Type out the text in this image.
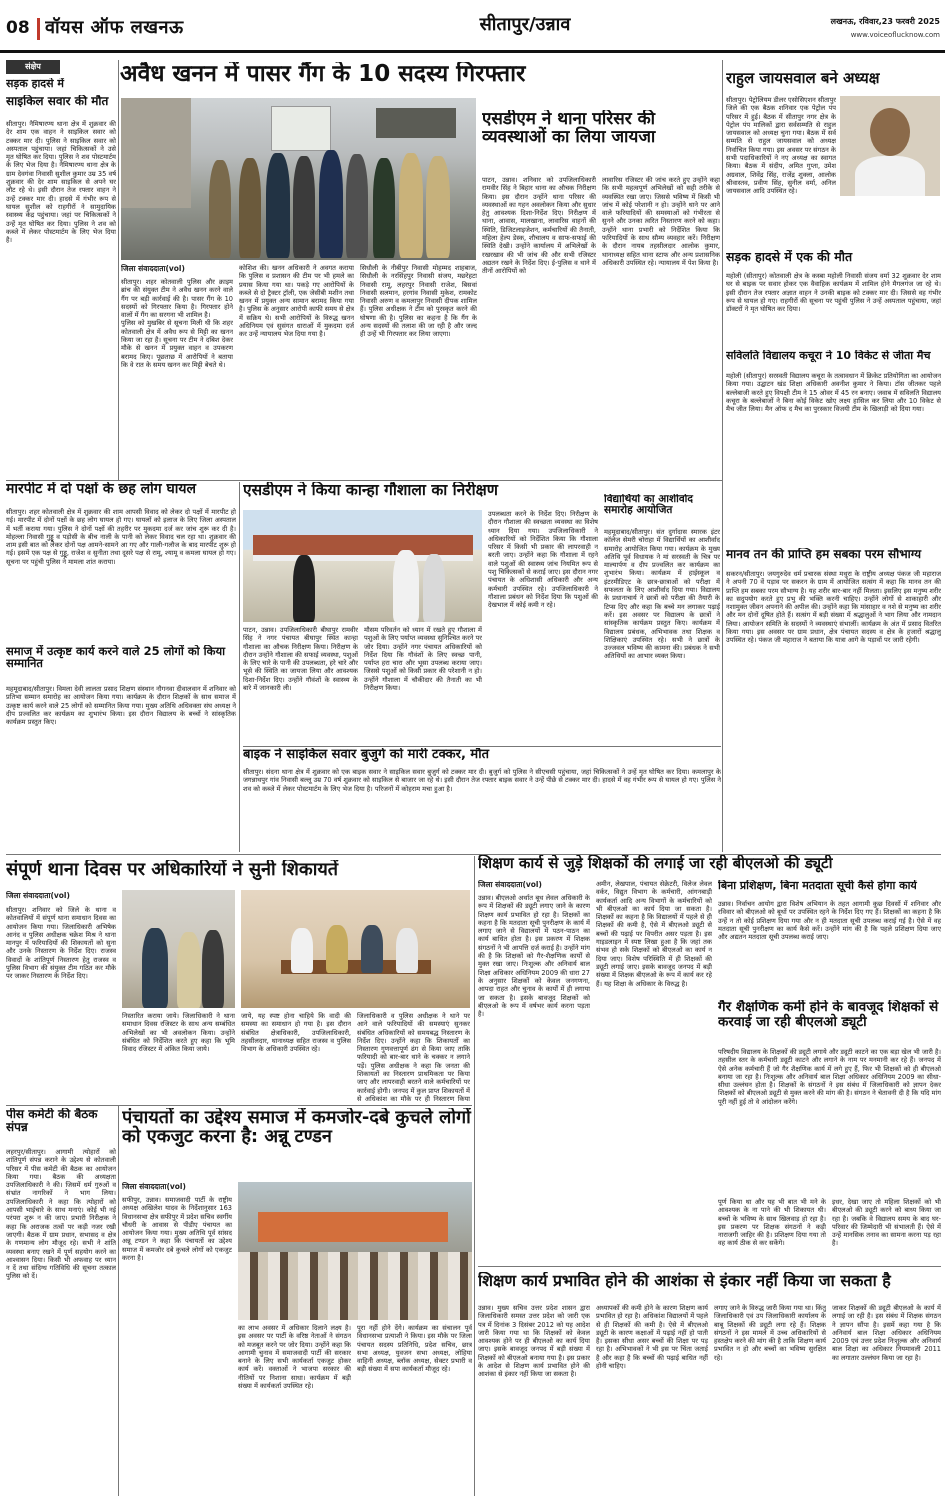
08 वॉयस ऑफ लखनऊ	सीतापुर/उन्नाव	लखनऊ, रविवार,23 फरवरी 2025
www.voiceoflucknow.com
संक्षेप
सड़क हादसे में
साइकिल सवार की मौत
सीतापुर। नैमिषारण्य थाना क्षेत्र में शुक्रवार की देर शाम एक वाहन ने साइकिल सवार को टक्कर मार दी। पुलिस ने साइकिल सवार को अस्पताल पहुंचाया। जहां चिकित्सकों ने उसे मृत घोषित कर दिया। पुलिस ने शव पोस्टमार्टम के लिए भेज दिया है। नैमिषारण्य थाना क्षेत्र के ग्राम देवगंवा निवासी सुशील कुमार उम्र 35 वर्ष शुक्रवार की देर शाम साइकिल से अपने घर लौट रहे थे। इसी दौरान तेज रफ्तार वाहन ने उन्हें टक्कर मार दी। हादसे में गंभीर रूप से घायल सुशील को राहगीरों ने सामुदायिक स्वास्थ्य केंद्र पहुंचाया। जहां पर चिकित्सकों ने उन्हें मृत घोषित कर दिया। पुलिस ने शव को कब्जे में लेकर पोस्टमार्टम के लिए भेज दिया है।
मारपीट में दो पक्षों के छह लोग घायल
सीतापुर। शहर कोतवाली क्षेत्र में शुक्रवार की शाम आपसी विवाद को लेकर दो पक्षों में मारपीट हो गई। मारपीट में दोनों पक्षों के छह लोग घायल हो गए। घायलों को इलाज के लिए जिला अस्पताल में भर्ती कराया गया। पुलिस ने दोनों पक्षों की तहरीर पर मुकदमा दर्ज कर जांच शुरू कर दी है। मोहल्ला निवासी गुड्डू व पड़ोसी के बीच नाली के पानी को लेकर विवाद चल रहा था। शुक्रवार की शाम इसी बात को लेकर दोनों पक्ष आमने-सामने आ गए और गाली-गलौज के बाद मारपीट शुरू हो गई। इसमें एक पक्ष से गुड्डू, राजेश व सुनीता तथा दूसरे पक्ष से रामू, श्यामू व कमला घायल हो गए। सूचना पर पहुंची पुलिस ने मामला शांत कराया।
समाज में उत्कृष्ट कार्य करने वाले 25 लोगों को किया सम्मानित
महमूदाबाद/सीतापुर। विमला देवी लालता प्रसाद शिक्षण संस्थान नौगनवा दीवालवान में शनिवार को प्रतिभा सम्मान समारोह का आयोजन किया गया। कार्यक्रम के दौरान शिक्षकों के साथ समाज में उत्कृष्ट कार्य करने वाले 25 लोगों को सम्मानित किया गया। मुख्य अतिथि अधिवक्ता संघ अध्यक्ष ने दीप प्रज्वलित कर कार्यक्रम का शुभारंभ किया। इस दौरान विद्यालय के बच्चों ने सांस्कृतिक कार्यक्रम प्रस्तुत किए।
अवैध खनन में पासर गैंग के 10 सदस्य गिरफ्तार
जिला संवाददाता(vol)
सीतापुर। शहर कोतवाली पुलिस और क्राइम ब्रांच की संयुक्त टीम ने अवैध खनन करने वाले गैंग पर बड़ी कार्रवाई की है। पासर गैंग के 10 सदस्यों को गिरफ्तार किया है। गिरफ्तार होने वालों में गैंग का सरगना भी शामिल है।
पुलिस को मुखबिर से सूचना मिली थी कि शहर कोतवाली क्षेत्र में अवैध रूप से मिट्टी का खनन किया जा रहा है। सूचना पर टीम ने दबिश देकर मौके से खनन में प्रयुक्त वाहन व उपकरण बरामद किए। पूछताछ में आरोपियों ने बताया कि वे रात के समय खनन कर मिट्टी बेचते थे।
कोशिश की। खनन अधिकारी ने अवगत कराया कि पुलिस व प्रशासन की टीम पर भी हमले का प्रयास किया गया था। पकड़े गए आरोपियों के कब्जे से दो ट्रैक्टर ट्रॉली, एक जेसीबी मशीन तथा खनन में प्रयुक्त अन्य सामान बरामद किया गया है। पुलिस के अनुसार आरोपी काफी समय से क्षेत्र में सक्रिय थे। सभी आरोपियों के विरुद्ध खनन अधिनियम एवं सुसंगत धाराओं में मुकदमा दर्ज कर उन्हें न्यायालय भेज दिया गया है।
सिधौली के नीबीपुर निवासी मोहम्मद शाहबाज, सिधौली के नरसिंहपुर निवासी संजय, मछरेहटा निवासी रामू, लहरपुर निवासी राजेश, बिसवां निवासी सलमान, हरगांव निवासी मुकेश, रामकोट निवासी अरुण व कमलापुर निवासी दीपक शामिल हैं। पुलिस अधीक्षक ने टीम को पुरस्कृत करने की घोषणा की है। पुलिस का कहना है कि गैंग के अन्य सदस्यों की तलाश की जा रही है और जल्द ही उन्हें भी गिरफ्तार कर लिया जाएगा।
एसडीएम ने थाना परिसर की व्यवस्थाओं का लिया जायजा
पाटन, उन्नाव। शनिवार को उपजिलाधिकारी रामवीर सिंह ने बिहार थाना का औचक निरीक्षण किया। इस दौरान उन्होंने थाना परिसर की व्यवस्थाओं का गहन अवलोकन किया और सुधार हेतु आवश्यक दिशा-निर्देश दिए। निरीक्षण में थाना, आवास, मालखाना, लावारिस वाहनों की स्थिति, डिजिटलाइजेशन, कर्मचारियों की तैनाती, महिला हेल्प डेस्क, शौचालय व साफ-सफाई की स्थिति देखी। उन्होंने कार्यालय में अभिलेखों के रखरखाव की भी जांच की और सभी रजिस्टर अद्यतन रखने के निर्देश दिए। ई-पुलिस व थाने में तीनों आरोपियों को
लावारिस रजिस्टर की जांच करते हुए उन्होंने कहा कि सभी महत्वपूर्ण अभिलेखों को सही तरीके से व्यवस्थित रखा जाए। जिससे भविष्य में किसी भी जांच में कोई परेशानी न हो। उन्होंने थाने पर आने वाले फरियादियों की समस्याओं को गंभीरता से सुनने और उनका त्वरित निस्तारण करने को कहा। उन्होंने थाना प्रभारी को निर्देशित किया कि फरियादियों के साथ सौम्य व्यवहार करें। निरीक्षण के दौरान नायब तहसीलदार आलोक कुमार, थानाध्यक्ष सहित थाना स्टाफ और अन्य प्रशासनिक अधिकारी उपस्थित रहे। न्यायालय में पेश किया है।
राहुल जायसवाल बने अध्यक्ष
सीतापुर। पेट्रोलियम डीलर एसोसिएशन सीतापुर जिले की एक बैठक शनिवार एक पेट्रोल पंप परिसर में हुई। बैठक में सीतापुर नगर क्षेत्र के पेट्रोल पंप मालिकों द्वारा सर्वसम्मति से राहुल जायसवाल को अध्यक्ष चुना गया। बैठक में सर्व सम्मति से राहुल जायसवाल को अध्यक्ष निर्वाचित किया गया। इस अवसर पर संगठन के सभी पदाधिकारियों ने नए अध्यक्ष का स्वागत किया। बैठक में संदीप, अमित गुप्ता, उमेश अग्रवाल, शिवेंद्र सिंह, राजेंद्र शुक्ला, आलोक श्रीवास्तव, प्रवीण सिंह, सुनील वर्मा, अनिल जायसवाल आदि उपस्थित रहे।
सड़क हादसे में एक की मौत
महोली (सीतापुर) कोतवाली क्षेत्र के कस्बा महोली निवासी संजय वर्मा 32 शुक्रवार देर शाम घर से बाइक पर सवार होकर एक वैवाहिक कार्यक्रम में शामिल होने मैगलगंज जा रहे थे। इसी दौरान तेज रफ्तार अज्ञात वाहन ने उनकी बाइक को टक्कर मार दी। जिससे वह गंभीर रूप से घायल हो गए। राहगीरों की सूचना पर पहुंची पुलिस ने उन्हें अस्पताल पहुंचाया, जहां डॉक्टरों ने मृत घोषित कर दिया।
सविलति विद्यालय कचूरा ने 10 विकेट से जीता मैच
महोली (सीतापुर) सरस्वती विद्यालय कचूरा के तत्वावधान में क्रिकेट प्रतियोगिता का आयोजन किया गया। उद्घाटन खंड शिक्षा अधिकारी अवनीश कुमार ने किया। टॉस जीतकर पहले बल्लेबाजी करते हुए विपक्षी टीम ने 15 ओवर में 45 रन बनाए। जवाब में सविलति विद्यालय कचूरा के बल्लेबाजों ने बिना कोई विकेट खोए लक्ष्य हासिल कर लिया और 10 विकेट से मैच जीत लिया। मैन ऑफ द मैच का पुरस्कार विजयी टीम के खिलाड़ी को दिया गया।
मानव तन की प्राप्ति हम सबका परम सौभाग्य
सकरन/सीतापुर। जयगुरुदेव धर्म प्रचारक संस्था मथुरा के राष्ट्रीय अध्यक्ष पंकज जी महाराज ने अपनी 70 वें पड़ाव पर सकरन के ग्राम में आयोजित सत्संग में कहा कि मानव तन की प्राप्ति हम सबका परम सौभाग्य है। यह शरीर बार-बार नहीं मिलता। इसलिए इस मनुष्य शरीर का सदुपयोग करते हुए प्रभु की भक्ति करनी चाहिए। उन्होंने लोगों से शाकाहारी और नशामुक्त जीवन अपनाने की अपील की। उन्होंने कहा कि मांसाहार व नशे से मनुष्य का शरीर और मन दोनों दूषित होते हैं। सत्संग में बड़ी संख्या में श्रद्धालुओं ने भाग लिया और नामदान लिया। आयोजन समिति के सदस्यों ने व्यवस्थाएं संभालीं। कार्यक्रम के अंत में प्रसाद वितरित किया गया। इस अवसर पर ग्राम प्रधान, क्षेत्र पंचायत सदस्य व क्षेत्र के हजारों श्रद्धालु उपस्थित रहे। पंकज जी महाराज ने बताया कि यात्रा आगे के पड़ावों पर जारी रहेगी।
एसडीएम ने किया कान्हा गौशाला का निरीक्षण
पाटन, उन्नाव। उपजिलाधिकारी बीघापुर रामवीर सिंह ने नगर पंचायत बीघापुर स्थित कान्हा गौशाला का औचक निरीक्षण किया। निरीक्षण के दौरान उन्होंने गौशाला की सफाई व्यवस्था, पशुओं के लिए चारे के पानी की उपलब्धता, हरे चारे और भूसे की स्थिति का जायजा लिया और आवश्यक दिशा-निर्देश दिए। उन्होंने गौवंशों के स्वास्थ्य के बारे में जानकारी ली।
मौसम परिवर्तन को ध्यान में रखते हुए गौशाला में पशुओं के लिए पर्याप्त व्यवस्था सुनिश्चित करने पर जोर दिया। उन्होंने नगर पंचायत अधिकारियों को निर्देश दिया कि गौवंशों के लिए स्वच्छ पानी, पर्याप्त हरा चारा और भूसा उपलब्ध कराया जाए। जिससे पशुओं को किसी प्रकार की परेशानी न हो। उन्होंने गौशाला में चौकीदार की तैनाती का भी निरीक्षण किया।
उपलब्धता करने के निर्देश दिए। निरीक्षण के दौरान गौशाला की स्वच्छता व्यवस्था का विशेष ध्यान दिया गया। उपजिलाधिकारी ने अधिकारियों को निर्देशित किया कि गौशाला परिसर में किसी भी प्रकार की लापरवाही न बरती जाए। उन्होंने कहा कि गौशाला में रहने वाले पशुओं की स्वास्थ्य जांच नियमित रूप से पशु चिकित्सकों से कराई जाए। इस दौरान नगर पंचायत के अधिशासी अधिकारी और अन्य कर्मचारी उपस्थित रहे। उपजिलाधिकारी ने गौशाला प्रबंधन को निर्देश दिया कि पशुओं की देखभाल में कोई कमी न रहे।
विद्यार्थियों का आशीर्वाद समारोह आयोजित
महमूदाबाद/सीतापुर। संत दुर्गादास स्मारक इंटर कॉलेज सेमरी चोराहा में विद्यार्थियों का आशीर्वाद समारोह आयोजित किया गया। कार्यक्रम के मुख्य अतिथि पूर्व विधायक ने मां सरस्वती के चित्र पर माल्यार्पण व दीप प्रज्वलित कर कार्यक्रम का शुभारंभ किया। कार्यक्रम में हाईस्कूल व इंटरमीडिएट के छात्र-छात्राओं को परीक्षा में सफलता के लिए आशीर्वाद दिया गया। विद्यालय के प्रधानाचार्य ने छात्रों को परीक्षा की तैयारी के टिप्स दिए और कहा कि बच्चे मन लगाकर पढ़ाई करें। इस अवसर पर विद्यालय के छात्रों ने सांस्कृतिक कार्यक्रम प्रस्तुत किए। कार्यक्रम में विद्यालय प्रबंधक, अभिभावक तथा शिक्षक व शिक्षिकाएं उपस्थित रहे। सभी ने छात्रों के उज्जवल भविष्य की कामना की। प्रबंधक ने सभी अतिथियों का आभार व्यक्त किया।
बाइक ने साइकिल सवार बुजुर्ग को मारी टक्कर, मौत
सीतापुर। संदना थाना क्षेत्र में शुक्रवार को एक बाइक सवार ने साइकिल सवार बुजुर्ग को टक्कर मार दी। बुजुर्ग को पुलिस ने सीएचसी पहुंचाया, जहां चिकित्सकों ने उन्हें मृत घोषित कर दिया। कमलापुर के जगन्नाथपुर गांव निवासी बल्लू उम्र 70 वर्ष शुक्रवार को साइकिल से बाजार जा रहे थे। इसी दौरान तेज रफ्तार बाइक सवार ने उन्हें पीछे से टक्कर मार दी। हादसे में वह गंभीर रूप से घायल हो गए। पुलिस ने शव को कब्जे में लेकर पोस्टमार्टम के लिए भेज दिया है। परिजनों में कोहराम मचा हुआ है।
संपूर्ण थाना दिवस पर अधिकारियों ने सुनी शिकायतें
जिला संवाददाता(vol)
सीतापुर। शनिवार को जिले के थाना व कोतवालियों में संपूर्ण थाना समाधान दिवस का आयोजन किया गया। जिलाधिकारी अभिषेक आनंद व पुलिस अधीक्षक चक्रेश मिश्र ने थाना मानपुर में फरियादियों की शिकायतों को सुना और उनके निस्तारण के निर्देश दिए। राजस्व विवादों के शांतिपूर्ण निस्तारण हेतु राजस्व व पुलिस विभाग की संयुक्त टीम गठित कर मौके पर जाकर निस्तारण के निर्देश दिए।
निस्तारित कराया जाये। जिलाधिकारी ने थाना समाधान दिवस रजिस्टर के साथ अन्य सम्बंधित अभिलेखों का भी अवलोकन किया। उन्होंने संबंधित को निर्देशित करते हुए कहा कि भूमि विवाद रजिस्टर में अंकित किया जाये।
जाये, यह स्पष्ट होना चाहिये कि वादी की समस्या का समाधान हो गया है। इस दौरान संबंधित क्षेत्राधिकारी, उपजिलाधिकारी, तहसीलदार, थानाध्यक्ष सहित राजस्व व पुलिस विभाग के अधिकारी उपस्थित रहे।
जिलाधिकारी व पुलिस अधीक्षक ने थाने पर आने वाले फरियादियों की समस्याएं सुनकर संबंधित अधिकारियों को समयबद्ध निस्तारण के निर्देश दिए। उन्होंने कहा कि शिकायतों का निस्तारण गुणवत्तापूर्ण ढंग से किया जाए ताकि फरियादी को बार-बार थाने के चक्कर न लगाने पड़ें। पुलिस अधीक्षक ने कहा कि जनता की शिकायतों का निस्तारण प्राथमिकता पर किया जाए और लापरवाही बरतने वाले कर्मचारियों पर कार्रवाई होगी। जनपद में कुल प्राप्त शिकायतों में से अधिकांश का मौके पर ही निस्तारण किया
पीस कमेटी की बैठक संपन्न
लहरपुर/सीतापुर। आगामी त्योहारों को शांतिपूर्ण संपन्न कराने के उद्देश्य से कोतवाली परिसर में पीस कमेटी की बैठक का आयोजन किया गया। बैठक की अध्यक्षता उपजिलाधिकारी ने की। जिसमें धर्म गुरुओं व संभ्रांत नागरिकों ने भाग लिया। उपजिलाधिकारी ने कहा कि त्योहारों को आपसी भाईचारे के साथ मनाएं। कोई भी नई परंपरा शुरू न की जाए। प्रभारी निरीक्षक ने कहा कि अराजक तत्वों पर कड़ी नजर रखी जाएगी। बैठक में ग्राम प्रधान, सभासद व क्षेत्र के गणमान्य लोग मौजूद रहे। सभी ने शांति व्यवस्था बनाए रखने में पूर्ण सहयोग करने का आश्वासन दिया। किसी भी अफवाह पर ध्यान न दें तथा संदिग्ध गतिविधि की सूचना तत्काल पुलिस को दें।
पंचायतों का उद्देश्य समाज में कमजोर-दबे कुचले लोगों को एकजुट करना है: अन्नू टण्डन
जिला संवाददाता(vol)
सफीपुर, उन्नाव। समाजवादी पार्टी के राष्ट्रीय अध्यक्ष अखिलेश यादव के निर्देशानुसार 163 विधानसभा क्षेत्र सफीपुर में प्रदेश सचिव स्वर्गीय चौधरी के आवास से पीडीए पंचायत का आयोजन किया गया। मुख्य अतिथि पूर्व सांसद अन्नू टण्डन ने कहा कि पंचायतों का उद्देश्य समाज में कमजोर दबे कुचले लोगों को एकजुट करना है।
का लाभ अवसर में अधिकार दिलाने लक्ष्य है। इस अवसर पर पार्टी के वरिष्ठ नेताओं ने संगठन को मजबूत करने पर जोर दिया। उन्होंने कहा कि आगामी चुनाव में समाजवादी पार्टी की सरकार बनाने के लिए सभी कार्यकर्ता एकजुट होकर कार्य करें। वक्ताओं ने भाजपा सरकार की नीतियों पर निशाना साधा। कार्यक्रम में बड़ी संख्या में कार्यकर्ता उपस्थित रहे।
पूरा नहीं होने देंगे। कार्यक्रम का संचालन पूर्व विधानसभा प्रत्याशी ने किया। इस मौके पर जिला पंचायत सदस्य प्रतिनिधि, प्रदेश सचिव, छात्र सभा अध्यक्ष, युवजन सभा अध्यक्ष, लोहिया वाहिनी अध्यक्ष, ब्लॉक अध्यक्ष, सेक्टर प्रभारी व बड़ी संख्या में सपा कार्यकर्ता मौजूद रहे।
शिक्षण कार्य से जुड़े शिक्षकों की लगाई जा रही बीएलओ की ड्यूटी
जिला संवाददाता(vol)
उन्नाव। बीएलओ अर्थात बूथ लेवल अधिकारी के रूप में शिक्षकों की ड्यूटी लगाए जाने के कारण शिक्षण कार्य प्रभावित हो रहा है। शिक्षकों का कहना है कि मतदाता सूची पुनरीक्षण के कार्य में लगाए जाने से विद्यालयों में पठन-पाठन का कार्य बाधित होता है। इस प्रकरण में शिक्षक संगठनों ने भी आपत्ति दर्ज कराई है। उन्होंने मांग की है कि शिक्षकों को गैर-शैक्षणिक कार्यों से मुक्त रखा जाए। निःशुल्क और अनिवार्य बाल शिक्षा अधिकार अधिनियम 2009 की धारा 27 के अनुसार शिक्षकों को केवल जनगणना, आपदा राहत और चुनाव के कार्यों में ही लगाया जा सकता है। इसके बावजूद शिक्षकों को बीएलओ के रूप में वर्षभर कार्य करना पड़ता है।
अमीन, लेखपाल, पंचायत सेक्रेटरी, विलेज लेवल वर्कर, विद्युत विभाग के कर्मचारी, आंगनबाड़ी कार्यकर्ता आदि अन्य विभागों के कर्मचारियों को भी बीएलओ का कार्य दिया जा सकता है। शिक्षकों का कहना है कि विद्यालयों में पहले से ही शिक्षकों की कमी है, ऐसे में बीएलओ ड्यूटी से बच्चों की पढ़ाई पर विपरीत असर पड़ता है। इस गाइडलाइन में स्पष्ट लिखा हुआ है कि जहां तक संभव हो सके शिक्षकों को बीएलओ का कार्य न दिया जाए। विशेष परिस्थिति में ही शिक्षकों की ड्यूटी लगाई जाए। इसके बावजूद जनपद में बड़ी संख्या में शिक्षक बीएलओ के रूप में कार्य कर रहे हैं। यह शिक्षा के अधिकार के विरुद्ध है।
बिना प्रशिक्षण, बिना मतदाता सूची कैसे होगा कार्य
उन्नाव। निर्वाचन आयोग द्वारा विशेष अभियान के तहत आगामी कुछ दिवसों में शनिवार और रविवार को बीएलओ को बूथों पर उपस्थित रहने के निर्देश दिए गए हैं। शिक्षकों का कहना है कि उन्हें न तो कोई प्रशिक्षण दिया गया और न ही मतदाता सूची उपलब्ध कराई गई है। ऐसे में वह मतदाता सूची पुनरीक्षण का कार्य कैसे करें। उन्होंने मांग की है कि पहले प्रशिक्षण दिया जाए और अद्यतन मतदाता सूची उपलब्ध कराई जाए।
गैर शैक्षणिक कर्मी होने के बावजूद शिक्षकों से करवाई जा रही बीएलओ ड्यूटी
परिषदीय विद्यालय के शिक्षकों की ड्यूटी लगाये और ड्यूटी काटने का एक बड़ा खेल भी जारी है। तहसील स्तर के कर्मचारी ड्यूटी काटने और लगाने के नाम पर मनमानी कर रहे हैं। जनपद में ऐसे अनेक कर्मचारी हैं जो गैर शैक्षणिक कार्य में लगे हुए हैं, फिर भी शिक्षकों को ही बीएलओ बनाया जा रहा है। निःशुल्क और अनिवार्य बाल शिक्षा अधिकार अधिनियम 2009 का सीधा-सीधा उल्लंघन होता है। शिक्षकों के संगठनों ने इस संबंध में जिलाधिकारी को ज्ञापन देकर शिक्षकों को बीएलओ ड्यूटी से मुक्त करने की मांग की है। संगठन ने चेतावनी दी है कि यदि मांग पूरी नहीं हुई तो वे आंदोलन करेंगे।
पूर्ण किया था और यह भी बात भी मने के आवश्यक के ना पाने की भी शिकायत थी। बच्चों के भविष्य के साथ खिलवाड़ हो रहा है। इस प्रकरण पर शिक्षक संगठनों ने कड़ी नाराजगी जाहिर की है। प्रशिक्षण दिया गया तो वह कार्य ठीक से कर सकेंगे।
इधर, देखा जाए तो महिला शिक्षकों को भी बीएलओ की ड्यूटी करने को बाध्य किया जा रहा है। जबकि वे विद्यालय समय के बाद घर-परिवार की जिम्मेदारी भी संभालती हैं। ऐसे में उन्हें मानसिक तनाव का सामना करना पड़ रहा है।
शिक्षण कार्य प्रभावित होने की आशंका से इंकार नहीं किया जा सकता है
उन्नाव। मुख्य सचिव उत्तर प्रदेश शासन द्वारा जिलाधिकारी समस्त उत्तर प्रदेश को जारी एक पत्र में दिनांक 3 दिसंबर 2012 को यह आदेश जारी किया गया था कि शिक्षकों को केवल आवश्यक होने पर ही बीएलओ का कार्य दिया जाए। इसके बावजूद जनपद में बड़ी संख्या में शिक्षकों को बीएलओ बनाया गया है। इस प्रकार के आदेश से शिक्षण कार्य प्रभावित होने की आशंका से इंकार नहीं किया जा सकता है।
अध्यापकों की कमी होने के कारण शिक्षण कार्य प्रभावित हो रहा है। अधिकांश विद्यालयों में पहले से ही शिक्षकों की कमी है। ऐसे में बीएलओ ड्यूटी के कारण कक्षाओं में पढ़ाई नहीं हो पाती है। इसका सीधा असर बच्चों की शिक्षा पर पड़ रहा है। अभिभावकों ने भी इस पर चिंता जताई है और कहा है कि बच्चों की पढ़ाई बाधित नहीं होनी चाहिए।
लगाए जाने के विरुद्ध जारी किया गया था। किंतु जिलाधिकारी एवं उप जिलाधिकारी कार्यालय के बाबू शिक्षकों की ड्यूटी लगा रहे हैं। शिक्षक संगठनों ने इस मामले में उच्च अधिकारियों से हस्तक्षेप करने की मांग की है ताकि शिक्षण कार्य प्रभावित न हो और बच्चों का भविष्य सुरक्षित रहे।
जाकर शिक्षकों की ड्यूटी बीएलओ के कार्य में लगाई जा रही है। इस संबंध में शिक्षक संगठन ने ज्ञापन सौंपा है। इसमें कहा गया है कि अनिवार्य बाल शिक्षा अधिकार अधिनियम 2009 एवं उत्तर प्रदेश निःशुल्क और अनिवार्य बाल शिक्षा का अधिकार नियमावली 2011 का लगातार उल्लंघन किया जा रहा है।
